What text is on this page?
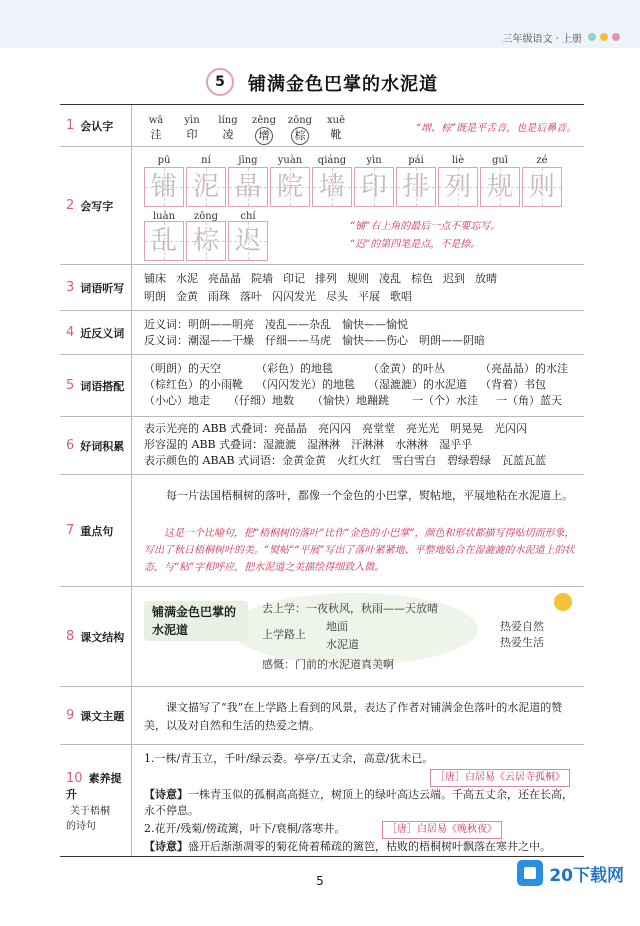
三年级语文 · 上册
5	铺满金色巴掌的水泥道
1 会认字	wā	yìn	líng	zēng	zōng	xuē
洼	印	凌	增	棕	靴	“增、棕”既是平舌音，也是后鼻音。
2 会写字
pū	ní	jīng	yuàn	qiáng	yìn	pái	liè	guī	zé
铺 泥 晶 院 墙 印 排 列 规 则
luàn	zōng	chí
乱 棕 迟	“铺”右上角的最后一点不要忘写。
“迟”的第四笔是点，不是捺。
3 词语听写
铺床 水泥 亮晶晶 院墙 印记 排列 规则 凌乱 棕色 迟到 放晴
明朗 金黄 雨珠 落叶 闪闪发光 尽头 平展 歌唱
4 近反义词
近义词：明朗——明亮　凌乱——杂乱　愉快——愉悦
反义词：潮湿——干燥　仔细——马虎　愉快——伤心　明朗——阴暗
5 词语搭配
（明朗）的天空	（彩色）的地毯	（金黄）的叶丛	（亮晶晶）的水洼
（棕红色）的小雨靴 （闪闪发光）的地毯 （湿漉漉）的水泥道 （背着）书包
（小心）地走 （仔细）地数 （愉快）地蹦跳 一（个）水洼 一（角）蓝天
6 好词积累
表示光亮的 ABB 式叠词：亮晶晶　亮闪闪　亮堂堂　亮光光　明晃晃　光闪闪
形容湿的 ABB 式叠词：湿漉漉　湿淋淋　汗淋淋　水淋淋　湿乎乎
表示颜色的 ABAB 式词语：金黄金黄　火红火红　雪白雪白　碧绿碧绿　瓦蓝瓦蓝
7 重点句
每一片法国梧桐树的落叶，都像一个金色的小巴掌，熨帖地，平展地粘在水泥道上。
这是一个比喻句，把“梧桐树的落叶”比作“金色的小巴掌”，颜色和形状都描写得贴切而形象，写出了秋日梧桐树叶的美。“熨帖”“平展”写出了落叶紧紧地、平整地贴合在湿漉漉的水泥道上的状态，与“粘”字相呼应，把水泥道之美描绘得细致入微。
8 课文结构
铺满金色巴掌的水泥道
去上学：一夜秋风，秋雨——天放晴
上学路上
地面
水泥道
感慨：门前的水泥道真美啊
热爱自然
热爱生活
9 课文主题
课文描写了“我”在上学路上看到的风景，表达了作者对铺满金色落叶的水泥道的赞美，以及对自然和生活的热爱之情。
10 素养提升
关于梧桐
的诗句
1.一株∕青玉立，千叶∕绿云委。亭亭∕五丈余，高意∕犹未已。
［唐］白居易《云居寺孤桐》
【诗意】一株青玉似的孤桐高高挺立，树顶上的绿叶高达云端。千高五丈余，还在长高，永不停息。
2.花开∕残菊∕傍疏篱，叶下∕衰桐∕落寒井。	［唐］白居易《晚秋夜》
【诗意】盛开后渐渐凋零的菊花倚着稀疏的篱笆，枯败的梧桐树叶飘落在寒井之中。
5	20下载网
